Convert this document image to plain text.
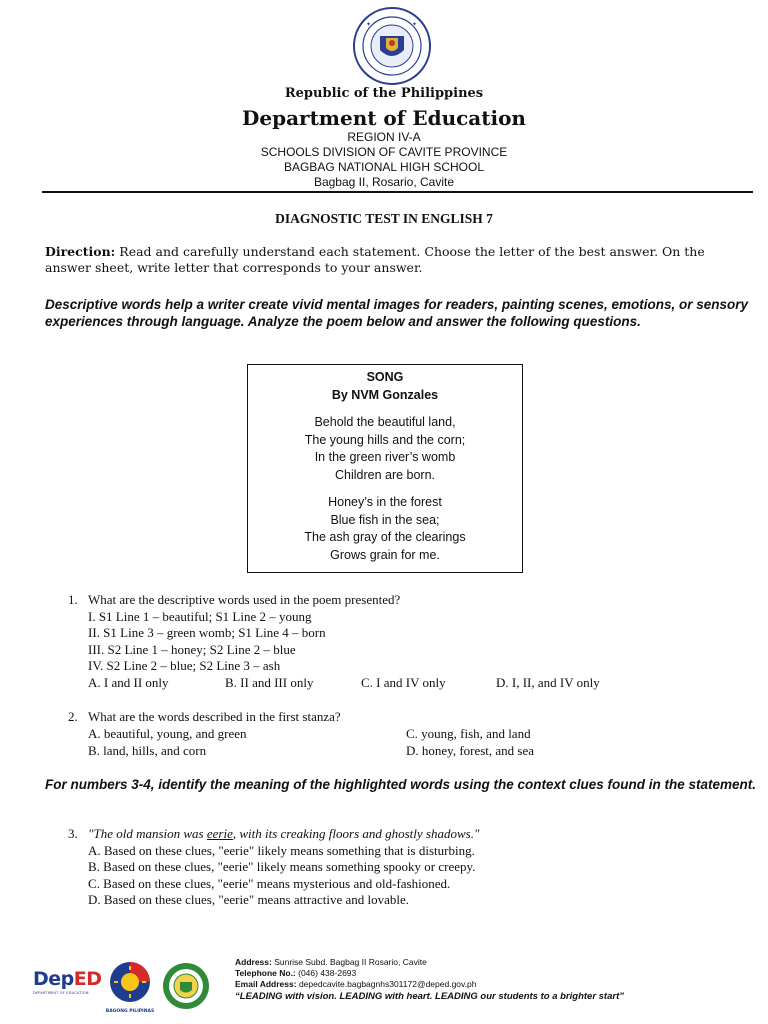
✦	✦
Republic of the Philippines
Department of Education
REGION IV-A
SCHOOLS DIVISION OF CAVITE PROVINCE
BAGBAG NATIONAL HIGH SCHOOL
Bagbag II, Rosario, Cavite
DIAGNOSTIC TEST IN ENGLISH 7
Direction: Read and carefully understand each statement. Choose the letter of the best answer. On the answer sheet, write letter that corresponds to your answer.
Descriptive words help a writer create vivid mental images for readers, painting scenes, emotions, or sensory experiences through language. Analyze the poem below and answer the following questions.
SONG
By NVM Gonzales
Behold the beautiful land,
The young hills and the corn;
In the green river’s womb
Children are born.
Honey’s in the forest
Blue fish in the sea;
The ash gray of the clearings
Grows grain for me.
1. What are the descriptive words used in the poem presented?
I. S1 Line 1 – beautiful; S1 Line 2 – young
II. S1 Line 3 – green womb; S1 Line 4 – born
III. S2 Line 1 – honey; S2 Line 2 – blue
IV. S2 Line 2 – blue; S2 Line 3 – ash
A. I and II only	B. II and III only	C. I and IV only	D. I, II, and IV only
2. What are the words described in the first stanza?
A. beautiful, young, and green	C. young, fish, and land
B. land, hills, and corn	D. honey, forest, and sea
For numbers 3-4, identify the meaning of the highlighted words using the context clues found in the statement.
3. "The old mansion was eerie, with its creaking floors and ghostly shadows."
A. Based on these clues, "eerie" likely means something that is disturbing.
B. Based on these clues, "eerie" likely means something spooky or creepy.
C. Based on these clues, "eerie" means mysterious and old-fashioned.
D. Based on these clues, "eerie" means attractive and lovable.
DepED
DEPARTMENT OF EDUCATION
BAGONG PILIPINAS
Address: Sunrise Subd. Bagbag II Rosario, Cavite
Telephone No.: (046) 438-2693
Email Address: depedcavite.bagbagnhs301172@deped.gov.ph
“LEADING with vision. LEADING with heart. LEADING our students to a brighter start”
